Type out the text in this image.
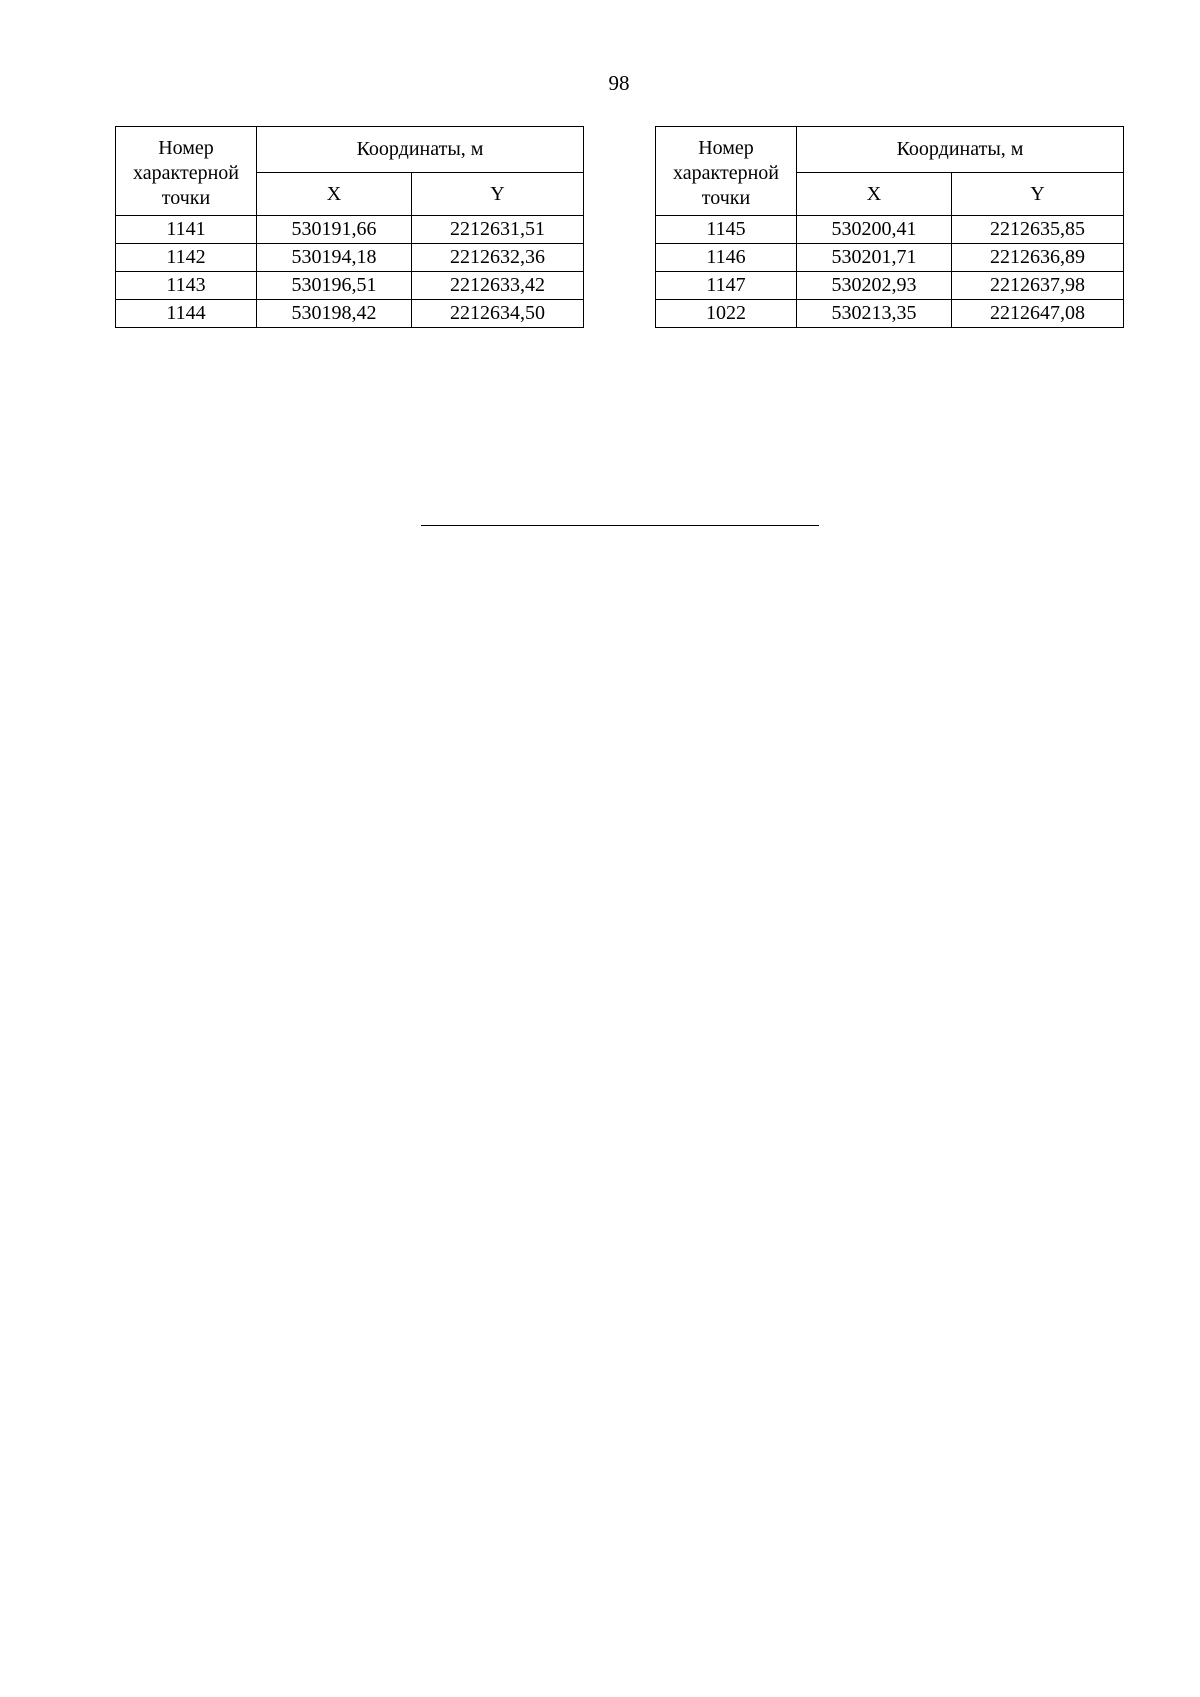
98
Номер
характерной
точки	Координаты, м	
	X	Y
1141	530191,66	2212631,51
1142	530194,18	2212632,36
1143	530196,51	2212633,42
1144	530198,42	2212634,50
Номер
характерной
точки	Координаты, м	
	X	Y
1145	530200,41	2212635,85
1146	530201,71	2212636,89
1147	530202,93	2212637,98
1022	530213,35	2212647,08
